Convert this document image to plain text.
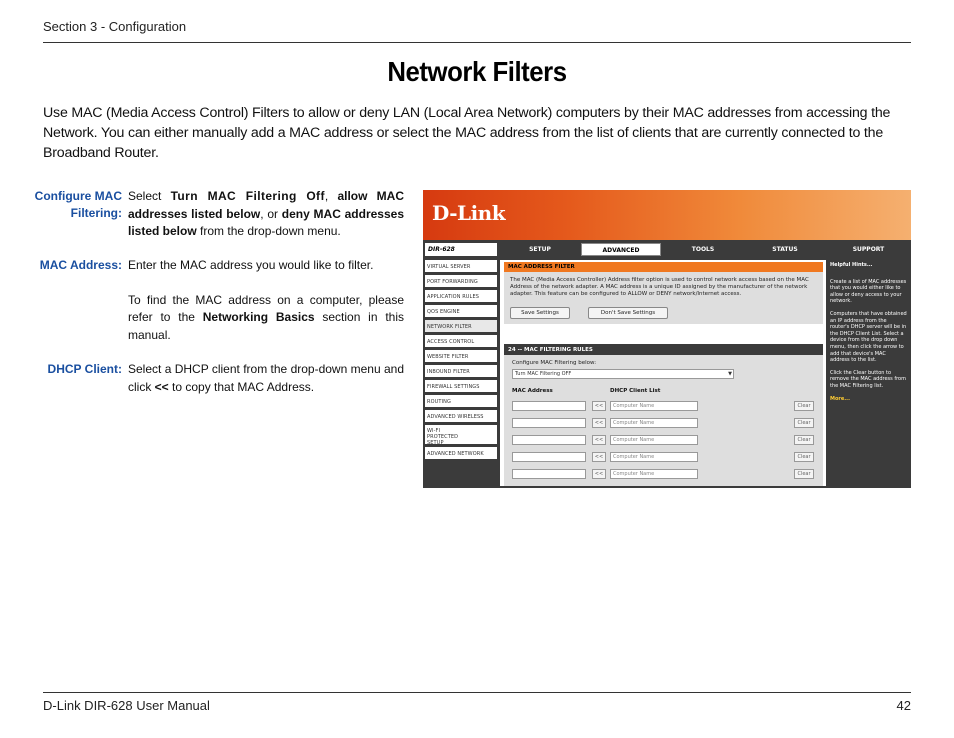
Section 3 - Configuration
Network Filters

Use MAC (Media Access Control) Filters to allow or deny LAN (Local Area Network) computers by their MAC addresses from accessing the Network. You can either manually add a MAC address or select the MAC address from the list of clients that are currently connected to the Broadband Router.

Configure MAC
Filtering:
Select Turn MAC Filtering Off, allow MAC addresses listed below, or deny MAC addresses listed below from the drop-down menu.
MAC Address: Enter the MAC address you would like to filter.
To find the MAC address on a computer, please refer to the Networking Basics section in this manual.
DHCP Client: Select a DHCP client from the drop-down menu and click << to copy that MAC Address.
D-Link
DIR-628	SETUP	ADVANCED	TOOLS	STATUS	SUPPORT
VIRTUAL SERVER
PORT FORWARDING
APPLICATION RULES
QOS ENGINE
NETWORK FILTER
ACCESS CONTROL
WEBSITE FILTER
INBOUND FILTER
FIREWALL SETTINGS
ROUTING
ADVANCED WIRELESS
WI-FI PROTECTED SETUP
ADVANCED NETWORK
MAC ADDRESS FILTER
The MAC (Media Access Controller) Address filter option is used to control network access based on the MAC Address of the network adapter. A MAC address is a unique ID assigned by the manufacturer of the network adapter. This feature can be configured to ALLOW or DENY network/Internet access.
Save Settings	Don't Save Settings
24 -- MAC FILTERING RULES
Configure MAC Filtering below:
Turn MAC Filtering OFF	▼
MAC Address	DHCP Client List
<<	Computer Name	Clear
<<	Computer Name	Clear
<<	Computer Name	Clear
<<	Computer Name	Clear
<<	Computer Name	Clear
Helpful Hints...
Create a list of MAC addresses that you would either like to allow or deny access to your network.
Computers that have obtained an IP address from the router's DHCP server will be in the DHCP Client List. Select a device from the drop down menu, then click the arrow to add that device's MAC address to the list.
Click the Clear button to remove the MAC address from the MAC Filtering list.
More...
D-Link DIR-628 User Manual	42
